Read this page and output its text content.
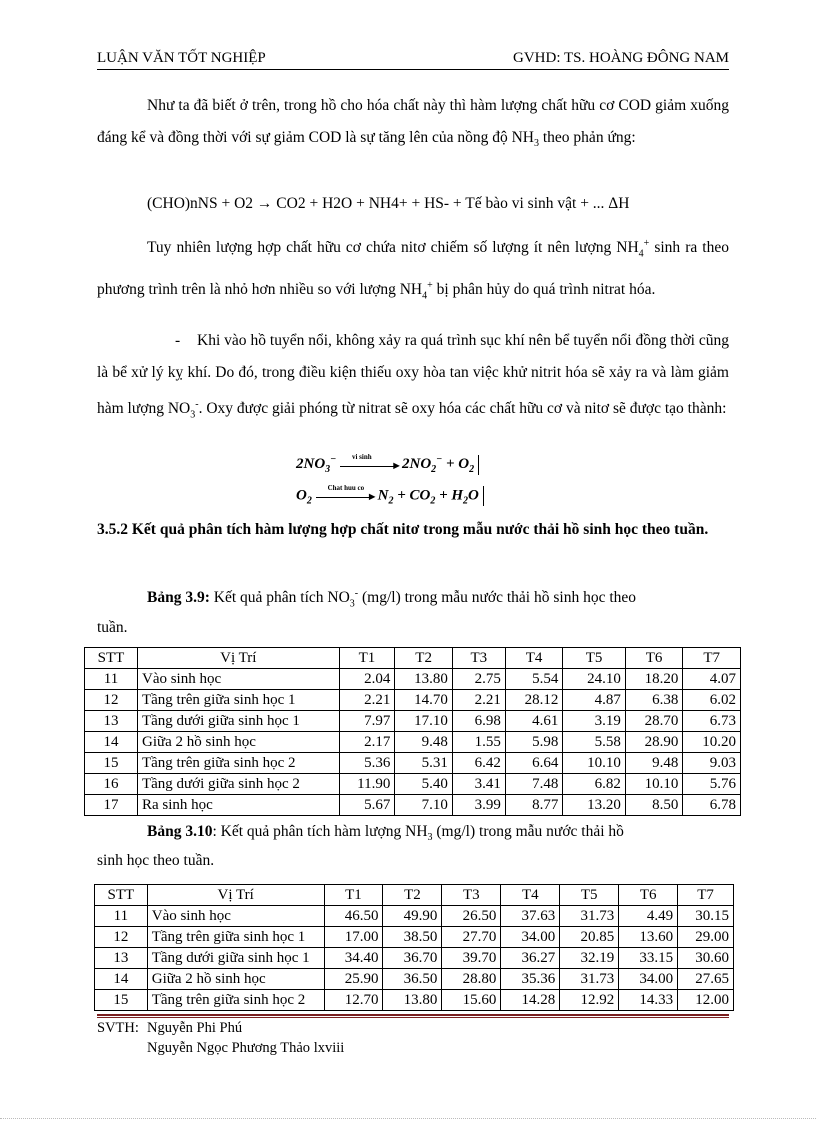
LUẬN VĂN TỐT NGHIỆP	GVHD: TS. HOÀNG ĐÔNG NAM
Như ta đã biết ở trên, trong hồ cho hóa chất này thì hàm lượng chất hữu cơ COD giảm xuống đáng kể và đồng thời với sự giảm COD là sự tăng lên của nồng độ $NH_3$ theo phản ứng:
(CHO)nNS + O2 → CO2 + H2O + NH4+ + HS- + Tế bào vi sinh vật + ... ΔH
Tuy nhiên lượng hợp chất hữu cơ chứa nitơ chiếm số lượng ít nên lượng $NH_4^+$ sinh ra theo phương trình trên là nhỏ hơn nhiều so với lượng $NH_4^+$ bị phân hủy do quá trình nitrat hóa.
- Khi vào hồ tuyển nổi, không xảy ra quá trình sục khí nên bể tuyển nổi đồng thời cũng là bể xử lý kỵ khí. Do đó, trong điều kiện thiếu oxy hòa tan việc khử nitrit hóa sẽ xảy ra và làm giảm hàm lượng $NO_3^-$. Oxy được giải phóng từ nitrat sẽ oxy hóa các chất hữu cơ và nitơ sẽ được tạo thành:
$2NO_3^-$ vi sinh
► $2NO_2^- + O_2$
$O_2$
Chat huu co
► $N_2 + CO_2 + H_2O$
3.5.2 Kết quả phân tích hàm lượng hợp chất nitơ trong mẫu nước thải hồ sinh học theo tuần.
Bảng 3.9: Kết quả phân tích $NO_3^-$ (mg/l) trong mẫu nước thải hồ sinh học theo
tuần.
STT	Vị Trí	T1	T2	T3	T4	T5	T6	T7
11	Vào sinh học	2.04	13.80	2.75	5.54	24.10	18.20	4.07
12	Tầng trên giữa sinh học 1	2.21	14.70	2.21	28.12	4.87	6.38	6.02
13	Tầng dưới giữa sinh học 1	7.97	17.10	6.98	4.61	3.19	28.70	6.73
14	Giữa 2 hồ sinh học	2.17	9.48	1.55	5.98	5.58	28.90	10.20
15	Tầng trên giữa sinh học 2	5.36	5.31	6.42	6.64	10.10	9.48	9.03
16	Tầng dưới giữa sinh học 2	11.90	5.40	3.41	7.48	6.82	10.10	5.76
17	Ra sinh học	5.67	7.10	3.99	8.77	13.20	8.50	6.78
Bảng 3.10: Kết quả phân tích hàm lượng $NH_3$ (mg/l) trong mẫu nước thải hồ
sinh học theo tuần.
STT	Vị Trí	T1	T2	T3	T4	T5	T6	T7
11	Vào sinh học	46.50	49.90	26.50	37.63	31.73	4.49	30.15
12	Tầng trên giữa sinh học 1	17.00	38.50	27.70	34.00	20.85	13.60	29.00
13	Tầng dưới giữa sinh học 1	34.40	36.70	39.70	36.27	32.19	33.15	30.60
14	Giữa 2 hồ sinh học	25.90	36.50	28.80	35.36	31.73	34.00	27.65
15	Tầng trên giữa sinh học 2	12.70	13.80	15.60	14.28	12.92	14.33	12.00
SVTH: Nguyễn Phi Phú
Nguyễn Ngọc Phương Thảo lxviii
